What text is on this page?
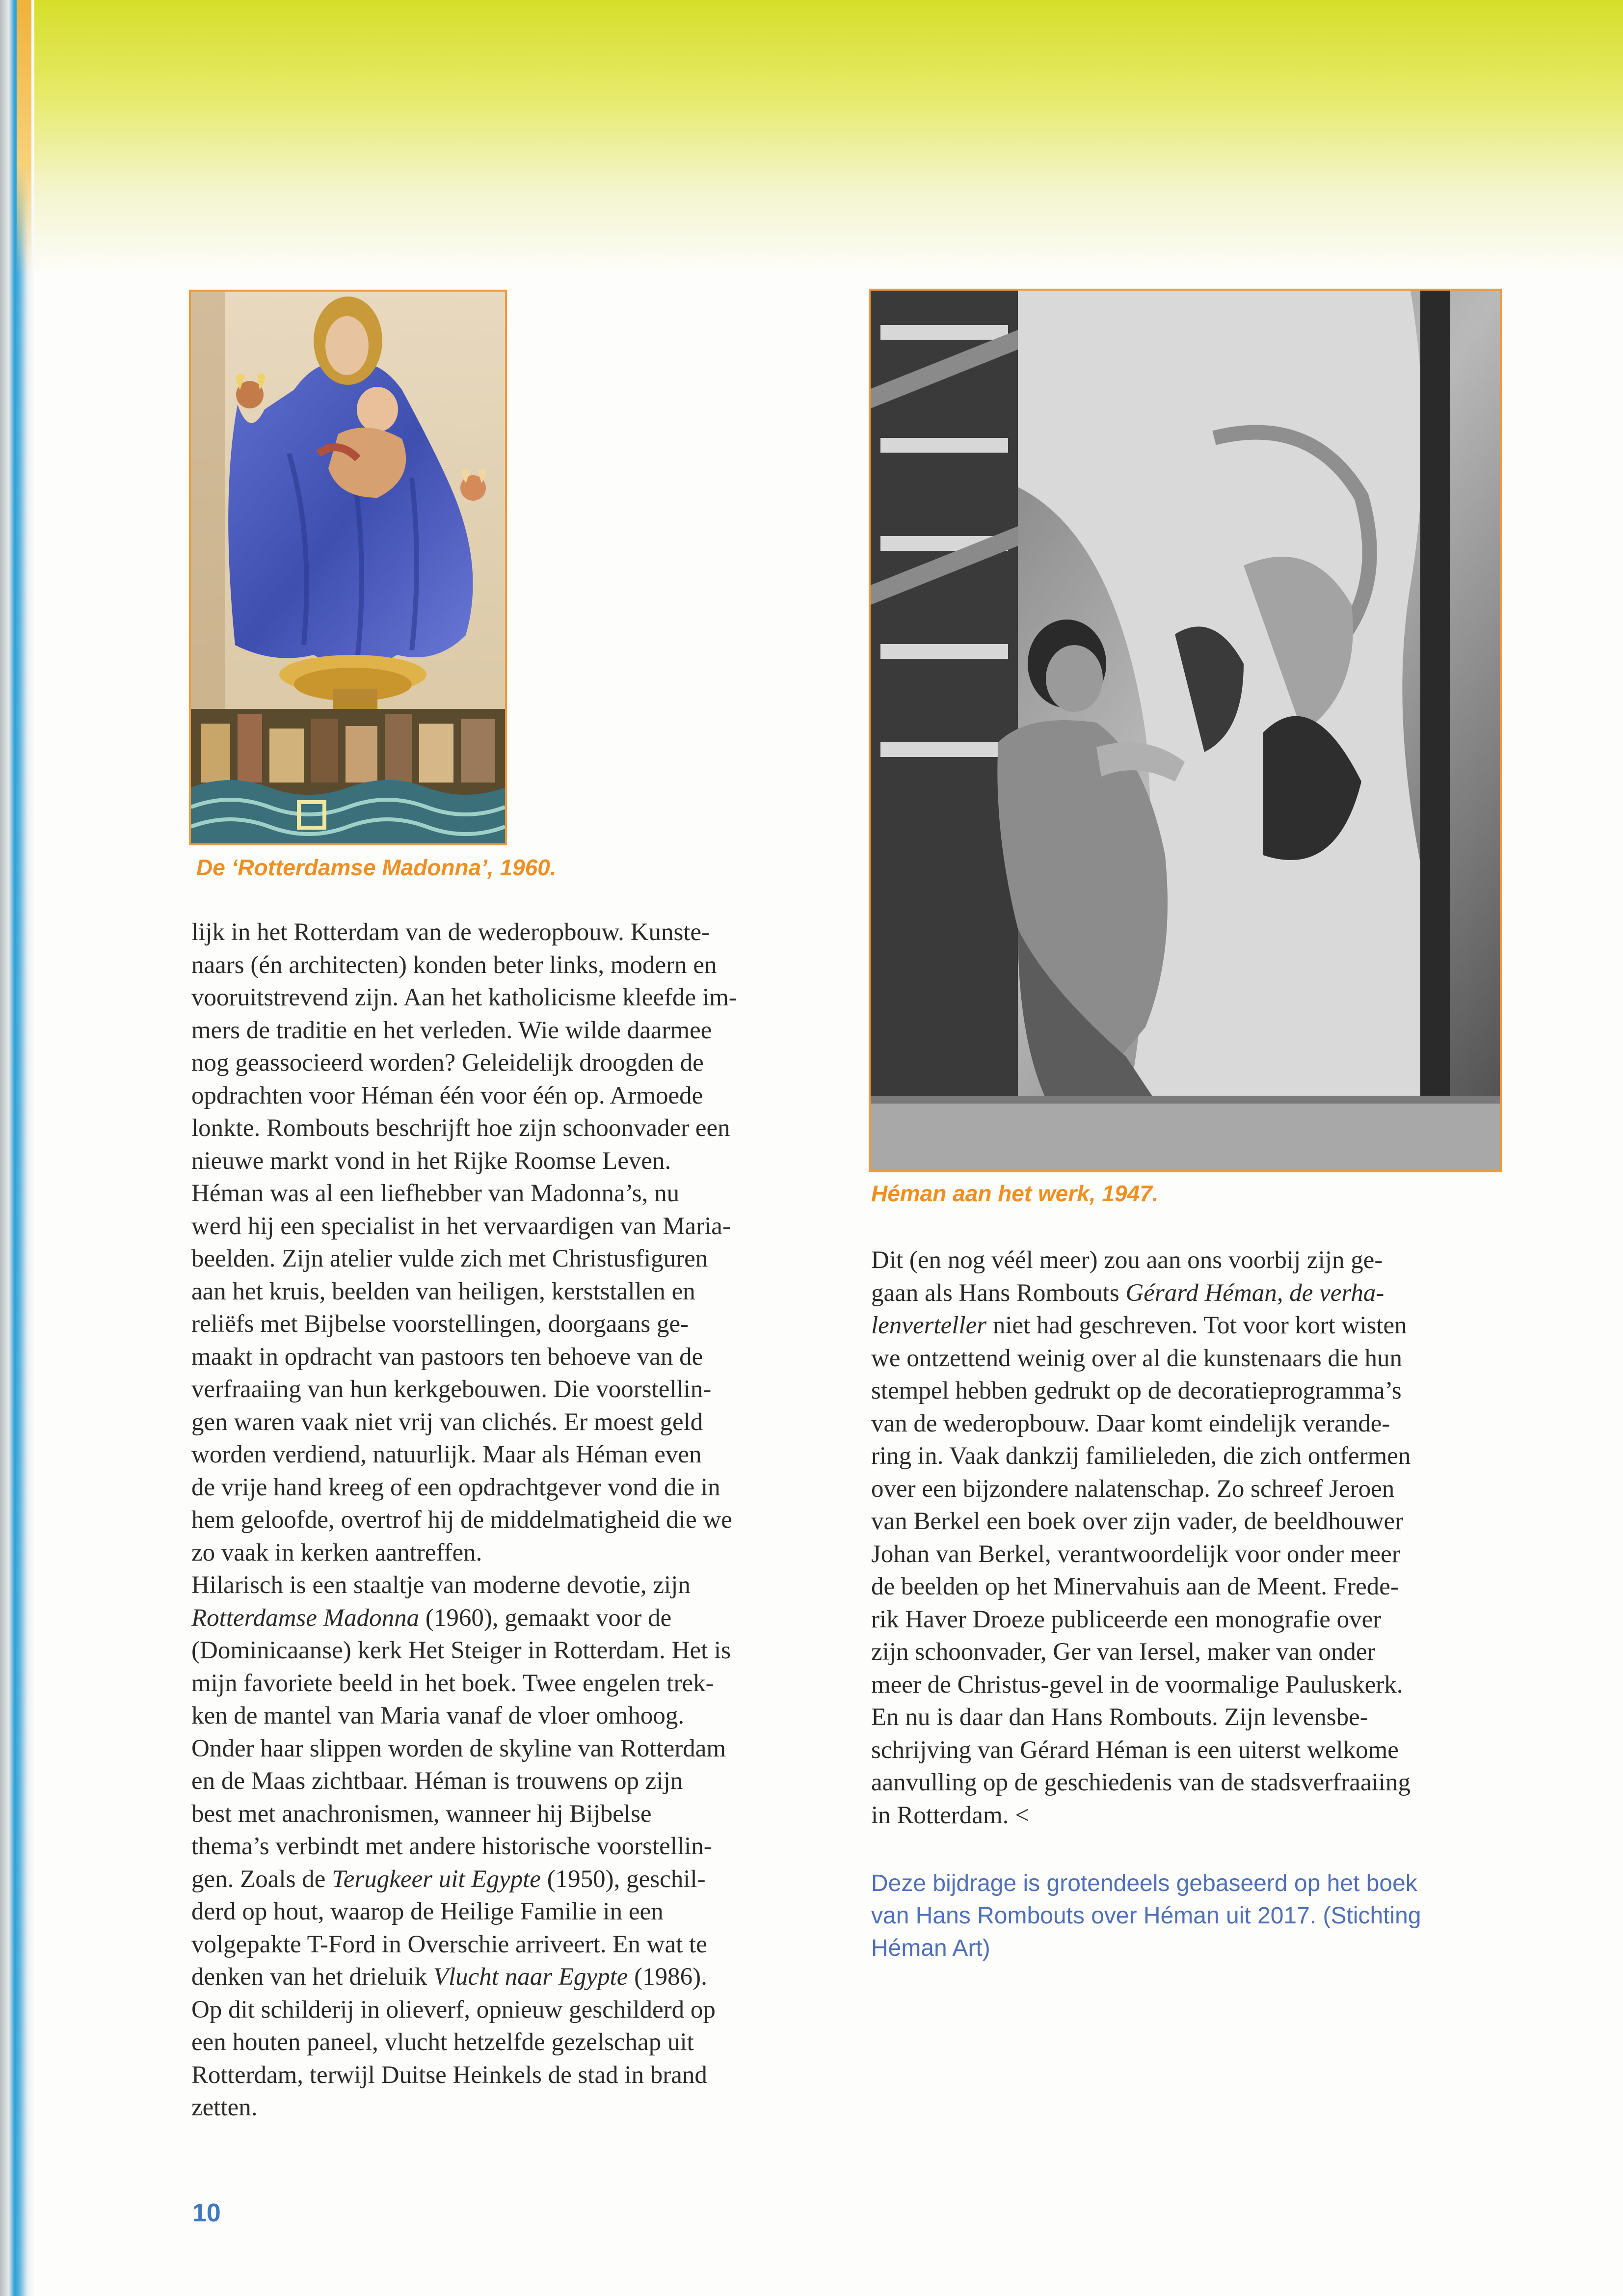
De ‘Rotterdamse Madonna’, 1960.
Héman aan het werk, 1947.

lijk in het Rotterdam van de wederopbouw. Kunste-
naars (én architecten) konden beter links, modern en
vooruitstrevend zijn. Aan het katholicisme kleefde im-
mers de traditie en het verleden. Wie wilde daarmee
nog geassocieerd worden? Geleidelijk droogden de
opdrachten voor Héman één voor één op. Armoede
lonkte. Rombouts beschrijft hoe zijn schoonvader een
nieuwe markt vond in het Rijke Roomse Leven.
Héman was al een liefhebber van Madonna’s, nu
werd hij een specialist in het vervaardigen van Maria-
beelden. Zijn atelier vulde zich met Christusfiguren
aan het kruis, beelden van heiligen, kerststallen en
reliëfs met Bijbelse voorstellingen, doorgaans ge-
maakt in opdracht van pastoors ten behoeve van de
verfraaiing van hun kerkgebouwen. Die voorstellin-
gen waren vaak niet vrij van clichés. Er moest geld
worden verdiend, natuurlijk. Maar als Héman even
de vrije hand kreeg of een opdrachtgever vond die in
hem geloofde, overtrof hij de middelmatigheid die we
zo vaak in kerken aantreffen.
Hilarisch is een staaltje van moderne devotie, zijn
Rotterdamse Madonna (1960), gemaakt voor de
(Dominicaanse) kerk Het Steiger in Rotterdam. Het is
mijn favoriete beeld in het boek. Twee engelen trek-
ken de mantel van Maria vanaf de vloer omhoog.
Onder haar slippen worden de skyline van Rotterdam
en de Maas zichtbaar. Héman is trouwens op zijn
best met anachronismen, wanneer hij Bijbelse
thema’s verbindt met andere historische voorstellin-
gen. Zoals de Terugkeer uit Egypte (1950), geschil-
derd op hout, waarop de Heilige Familie in een
volgepakte T-Ford in Overschie arriveert. En wat te
denken van het drieluik Vlucht naar Egypte (1986).
Op dit schilderij in olieverf, opnieuw geschilderd op
een houten paneel, vlucht hetzelfde gezelschap uit
Rotterdam, terwijl Duitse Heinkels de stad in brand
zetten.

Dit (en nog véél meer) zou aan ons voorbij zijn ge-
gaan als Hans Rombouts Gérard Héman, de verha-
lenverteller niet had geschreven. Tot voor kort wisten
we ontzettend weinig over al die kunstenaars die hun
stempel hebben gedrukt op de decoratieprogramma’s
van de wederopbouw. Daar komt eindelijk verande-
ring in. Vaak dankzij familieleden, die zich ontfermen
over een bijzondere nalatenschap. Zo schreef Jeroen
van Berkel een boek over zijn vader, de beeldhouwer
Johan van Berkel, verantwoordelijk voor onder meer
de beelden op het Minervahuis aan de Meent. Frede-
rik Haver Droeze publiceerde een monografie over
zijn schoonvader, Ger van Iersel, maker van onder
meer de Christus-gevel in de voormalige Pauluskerk.
En nu is daar dan Hans Rombouts. Zijn levensbe-
schrijving van Gérard Héman is een uiterst welkome
aanvulling op de geschiedenis van de stadsverfraaiing
in Rotterdam. <

Deze bijdrage is grotendeels gebaseerd op het boek
van Hans Rombouts over Héman uit 2017. (Stichting
Héman Art)
10
